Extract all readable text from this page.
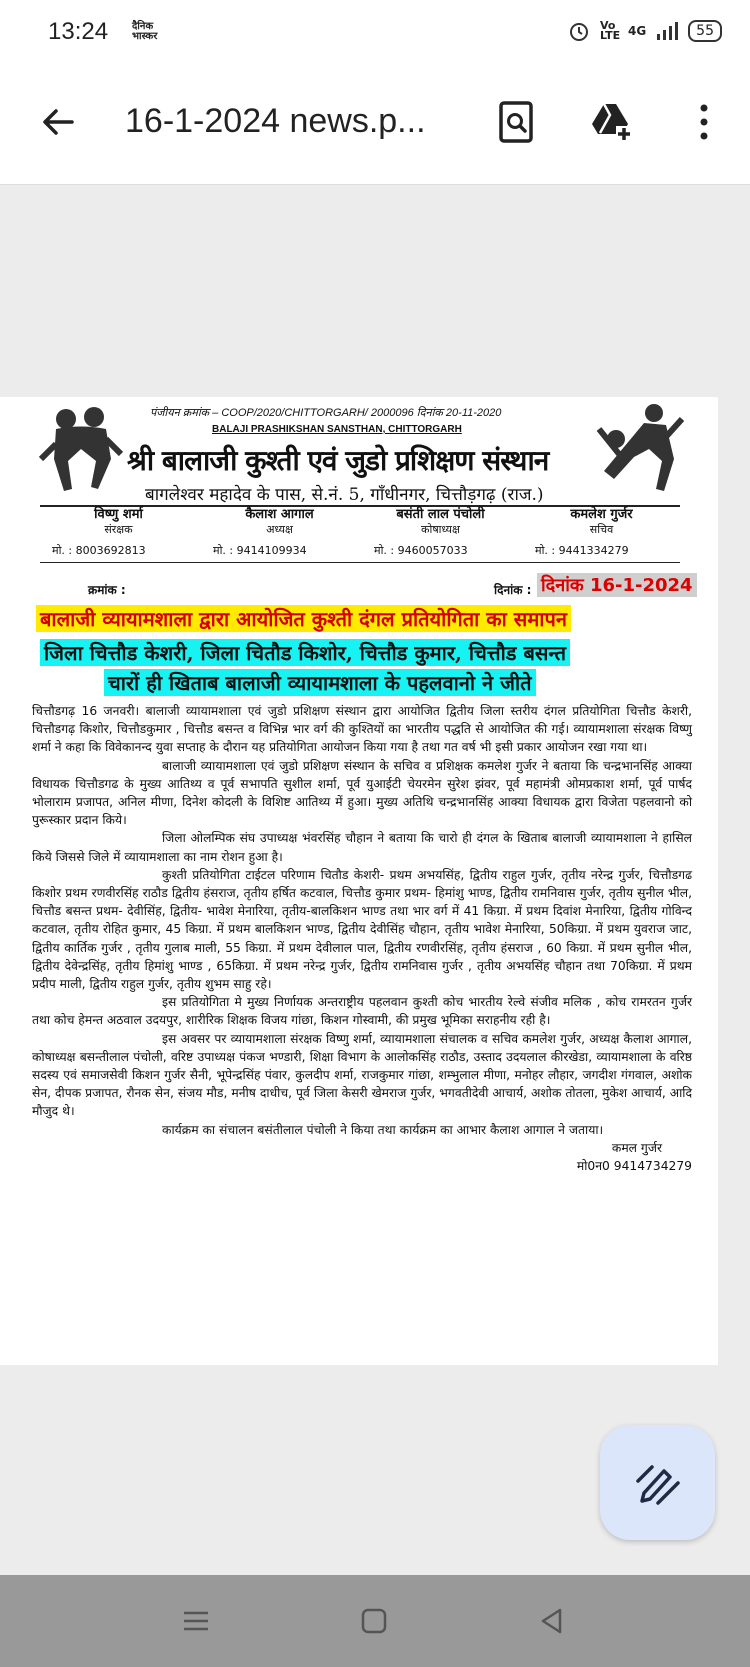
13:24 दैनिक भास्कर
Vo LTE 4G	55
16-1-2024 news.p...
पंजीयन क्रमांक – COOP/2020/CHITTORGARH/ 2000096 दिनांक 20-11-2020
BALAJI PRASHIKSHAN SANSTHAN, CHITTORGARH
श्री बालाजी कुश्ती एवं जुडो प्रशिक्षण संस्थान
बागलेश्वर महादेव के पास, से.नं. 5, गाँधीनगर, चित्तौड़गढ़ (राज.)
विष्णु शर्मा
संरक्षक
मो. : 8003692813
कैलाश आगाल
अध्यक्ष
मो. : 9414109934
बसंती लाल पंचोली
कोषाध्यक्ष
मो. : 9460057033
कमलेश गुर्जर
सचिव
मो. : 9441334279
क्रमांक :	दिनांक : दिनांक 16-1-2024
बालाजी व्यायामशाला द्वारा आयोजित कुश्ती दंगल प्रतियोगिता का समापन
जिला चित्तौड केशरी, जिला चितौड किशोर, चित्तौड कुमार, चित्तौड बसन्त
चारों ही खिताब बालाजी व्यायामशाला के पहलवानो ने जीते

चित्तौडगढ़ 16 जनवरी। बालाजी व्यायामशाला एवं जुडो प्रशिक्षण संस्थान द्वारा आयोजित द्वितीय जिला स्तरीय दंगल प्रतियोगिता चित्तौड केशरी, चित्तौडगढ़ किशोर, चित्तौडकुमार , चित्तौड बसन्त व विभिन्न भार वर्ग की कुश्तियों का भारतीय पद्धति से आयोजित की गई। व्यायामशाला संरक्षक विष्णु शर्मा ने कहा कि विवेकानन्द युवा सप्ताह के दौरान यह प्रतियोगिता आयोजन किया गया है तथा गत वर्ष भी इसी प्रकार आयोजन रखा गया था।

बालाजी व्यायामशाला एवं जुडो प्रशिक्षण संस्थान के सचिव व प्रशिक्षक कमलेश गुर्जर ने बताया कि चन्द्रभानसिंह आक्या विधायक चित्तौडगढ के मुख्य आतिथ्य व पूर्व सभापति सुशील शर्मा, पूर्व युआईटी चेयरमेन सुरेश झंवर, पूर्व महामंत्री ओमप्रकाश शर्मा, पूर्व पार्षद भोलाराम प्रजापत, अनिल मीणा, दिनेश कोदली के विशिष्ट आतिथ्य में हुआ। मुख्य अतिथि चन्द्रभानसिंह आक्या विधायक द्वारा विजेता पहलवानो को पुरूस्कार प्रदान किये।

जिला ओलम्पिक संघ उपाध्यक्ष भंवरसिंह चौहान ने बताया कि चारो ही दंगल के खिताब बालाजी व्यायामशाला ने हासिल किये जिससे जिले में व्यायामशाला का नाम रोशन हुआ है।

कुश्ती प्रतियोगिता टाईटल परिणाम चितौड केशरी- प्रथम अभयसिंह, द्वितीय राहुल गुर्जर, तृतीय नरेन्द्र गुर्जर, चित्तौडगढ किशोर प्रथम रणवीरसिंह राठौड द्वितीय हंसराज, तृतीय हर्षित कटवाल, चित्तौड कुमार प्रथम- हिमांशु भाण्ड, द्वितीय रामनिवास गुर्जर, तृतीय सुनील भील, चित्तौड बसन्त प्रथम- देवीसिंह, द्वितीय- भावेश मेनारिया, तृतीय-बालकिशन भाण्ड तथा भार वर्ग में 41 किग्रा. में प्रथम दिवांश मेनारिया, द्वितीय गोविन्द कटवाल, तृतीय रोहित कुमार, 45 किग्रा. में प्रथम बालकिशन भाण्ड, द्वितीय देवीसिंह चौहान, तृतीय भावेश मेनारिया, 50किग्रा. में प्रथम युवराज जाट, द्वितीय कार्तिक गुर्जर , तृतीय गुलाब माली, 55 किग्रा. में प्रथम देवीलाल पाल, द्वितीय रणवीरसिंह, तृतीय हंसराज , 60 किग्रा. में प्रथम सुनील भील, द्वितीय देवेन्द्रसिंह, तृतीय हिमांशु भाण्ड , 65किग्रा. में प्रथम नरेन्द्र गुर्जर, द्वितीय रामनिवास गुर्जर , तृतीय अभयसिंह चौहान तथा 70किग्रा. में प्रथम प्रदीप माली, द्वितीय राहुल गुर्जर, तृतीय शुभम साहु रहे।

इस प्रतियोगिता मे मुख्य निर्णायक अन्तराष्ट्रीय पहलवान कुश्ती कोच भारतीय रेल्वे संजीव मलिक , कोच रामरतन गुर्जर तथा कोच हेमन्त अठवाल उदयपुर, शारीरिक शिक्षक विजय गांछा, किशन गोस्वामी, की प्रमुख भूमिका सराहनीय रही है।

इस अवसर पर व्यायामशाला संरक्षक विष्णु शर्मा, व्यायामशाला संचालक व सचिव कमलेश गुर्जर, अध्यक्ष कैलाश आगाल, कोषाध्यक्ष बसन्तीलाल पंचोली, वरिष्ट उपाध्यक्ष पंकज भण्डारी, शिक्षा विभाग के आलोकसिंह राठौड, उस्ताद उदयलाल कीरखेडा, व्यायामशाला के वरिष्ठ सदस्य एवं समाजसेवी किशन गुर्जर सैनी, भूपेन्द्रसिंह पंवार, कुलदीप शर्मा, राजकुमार गांछा, शम्भुलाल मीणा, मनोहर लौहार, जगदीश गंगवाल, अशोक सेन, दीपक प्रजापत, रौनक सेन, संजय मौड, मनीष दाधीच, पूर्व जिला केसरी खेमराज गुर्जर, भगवतीदेवी आचार्य, अशोक तोतला, मुकेश आचार्य, आदि मौजुद थे।

कार्यक्रम का संचालन बसंतीलाल पंचोली ने किया तथा कार्यक्रम का आभार कैलाश आगाल ने जताया।

कमल गुर्जर

मो0न0 9414734279
